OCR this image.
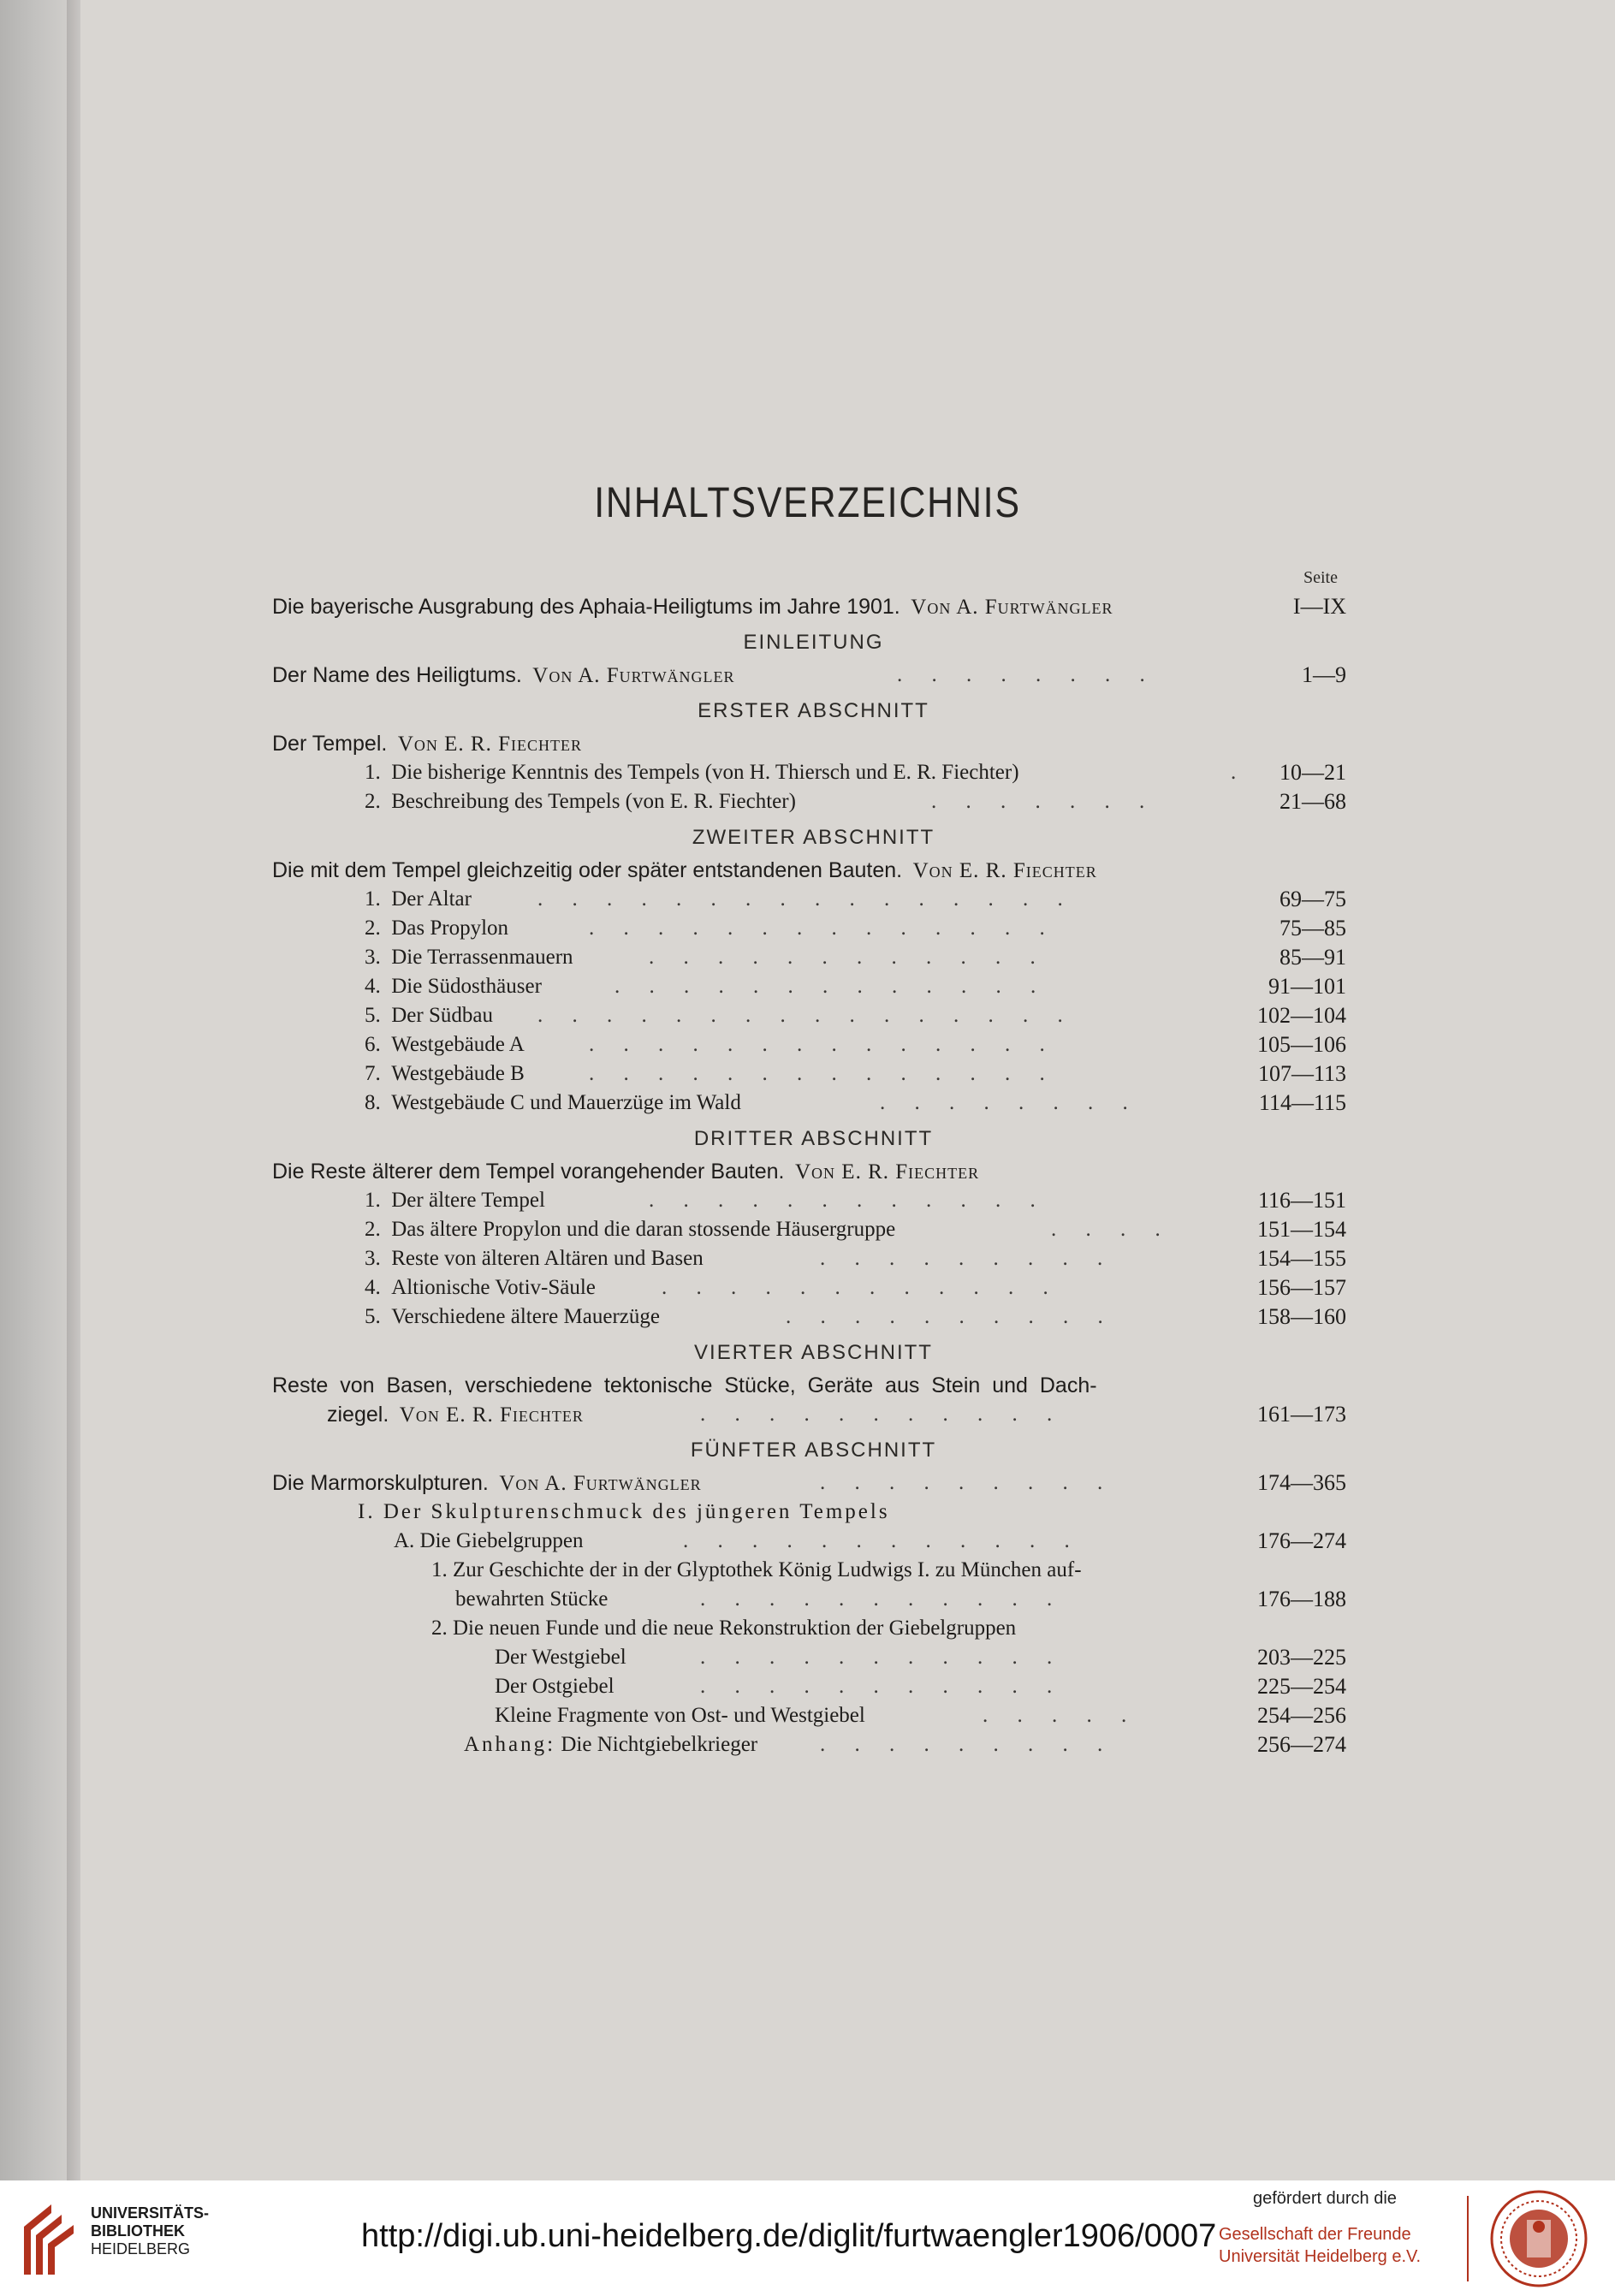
INHALTSVERZEICHNIS
Seite
Die bayerische Ausgrabung des Aphaia-Heiligtums im Jahre 1901. Von A. Furtwängler	I—IX
EINLEITUNG
Der Name des Heiligtums. Von A. Furtwängler	. . . . . . . .	1—9
ERSTER ABSCHNITT
Der Tempel. Von E. R. Fiechter
1. Die bisherige Kenntnis des Tempels (von H. Thiersch und E. R. Fiechter)	. 10—21
2. Beschreibung des Tempels (von E. R. Fiechter)	. . . . . . .	21—68
ZWEITER ABSCHNITT
Die mit dem Tempel gleichzeitig oder später entstandenen Bauten. Von E. R. Fiechter
1. Der Altar	. . . . . . . . . . . . . . . .	69—75
2. Das Propylon	. . . . . . . . . . . . . .	75—85
3. Die Terrassenmauern	. . . . . . . . . . . .	85—91
4. Die Südosthäuser	. . . . . . . . . . . . .	91—101
5. Der Südbau . . . . . . . . . . . . . . . .	102—104
6. Westgebäude A	. . . . . . . . . . . . . .	105—106
7. Westgebäude B	. . . . . . . . . . . . . .	107—113
8. Westgebäude C und Mauerzüge im Wald	. . . . . . . .	114—115
DRITTER ABSCHNITT
Die Reste älterer dem Tempel vorangehender Bauten. Von E. R. Fiechter
1. Der ältere Tempel	. . . . . . . . . . . .	116—151
2. Das ältere Propylon und die daran stossende Häusergruppe	. . . .	151—154
3. Reste von älteren Altären und Basen	. . . . . . . . .	154—155
4. Altionische Votiv-Säule	. . . . . . . . . . . .	156—157
5. Verschiedene ältere Mauerzüge	. . . . . . . . . .	158—160
VIERTER ABSCHNITT
Reste von Basen, verschiedene tektonische Stücke, Geräte aus Stein und Dach-
ziegel. Von E. R. Fiechter	. . . . . . . . . . .	161—173
FÜNFTER ABSCHNITT
Die Marmorskulpturen. Von A. Furtwängler	. . . . . . . . .	174—365
I. Der Skulpturenschmuck des jüngeren Tempels
A. Die Giebelgruppen	. . . . . . . . . . . .	176—274
1. Zur Geschichte der in der Glyptothek König Ludwigs I. zu München auf-
bewahrten Stücke	. . . . . . . . . . .	176—188
2. Die neuen Funde und die neue Rekonstruktion der Giebelgruppen
Der Westgiebel	. . . . . . . . . . .	203—225
Der Ostgiebel	. . . . . . . . . . .	225—254
Kleine Fragmente von Ost- und Westgiebel	. . . . .	254—256
Anhang: Die Nichtgiebelkrieger	. . . . . . . . .	256—274
UNIVERSITÄTS-
BIBLIOTHEK
HEIDELBERG	http://digi.ub.uni-heidelberg.de/diglit/furtwaengler1906/0007
gefördert durch die
Gesellschaft der Freunde
Universität Heidelberg e.V.
